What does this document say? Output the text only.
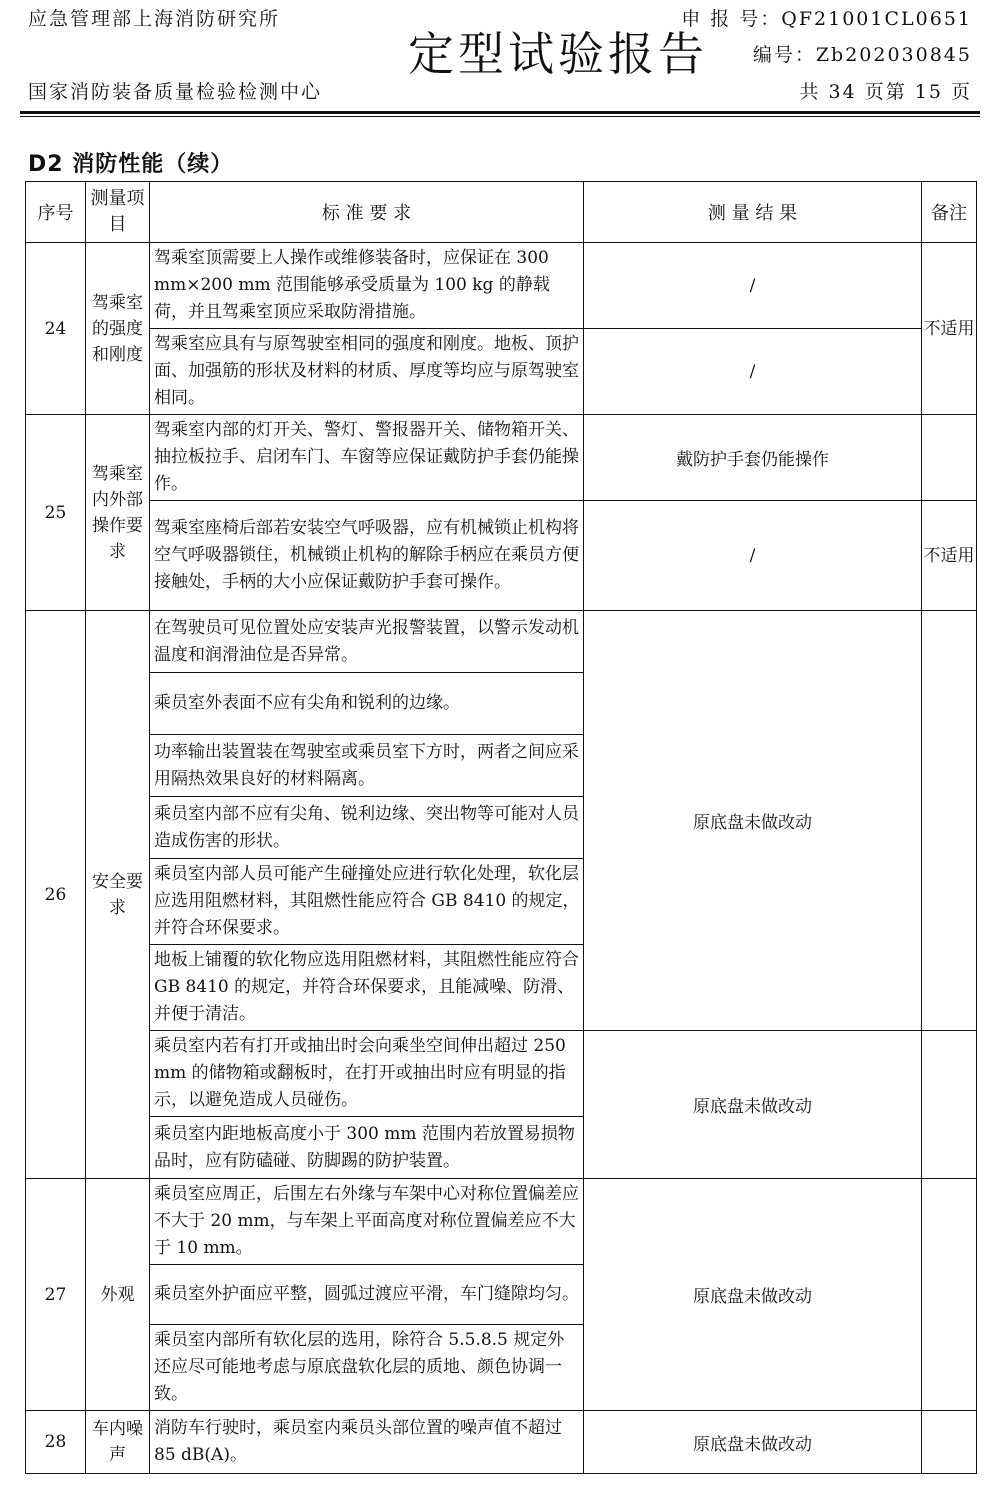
应急管理部上海消防研究所
国家消防装备质量检验检测中心
定型试验报告
申 报 号：QF21001CL0651
编号：Zb202030845
共 34 页第 15 页
D2 消防性能（续）
序号	测量项目	标 准 要 求	测 量 结 果	备注
24	驾乘室的强度和刚度	驾乘室顶需要上人操作或维修装备时，应保证在 300 mm×200 mm 范围能够承受质量为 100 kg 的静载荷，并且驾乘室顶应采取防滑措施。	/	不适用
		驾乘室应具有与原驾驶室相同的强度和刚度。地板、顶护面、加强筋的形状及材料的材质、厚度等均应与原驾驶室相同。	/	
25	驾乘室内外部操作要求	驾乘室内部的灯开关、警灯、警报器开关、储物箱开关、抽拉板拉手、启闭车门、车窗等应保证戴防护手套仍能操作。	戴防护手套仍能操作	
		驾乘室座椅后部若安装空气呼吸器，应有机械锁止机构将空气呼吸器锁住，机械锁止机构的解除手柄应在乘员方便接触处，手柄的大小应保证戴防护手套可操作。	/	不适用
26	安全要求	在驾驶员可见位置处应安装声光报警装置，以警示发动机温度和润滑油位是否异常。	原底盘未做改动	
		乘员室外表面不应有尖角和锐利的边缘。		
		功率输出装置装在驾驶室或乘员室下方时，两者之间应采用隔热效果良好的材料隔离。		
		乘员室内部不应有尖角、锐利边缘、突出物等可能对人员造成伤害的形状。		
		乘员室内部人员可能产生碰撞处应进行软化处理，软化层应选用阻燃材料，其阻燃性能应符合 GB 8410 的规定，并符合环保要求。		
		地板上铺覆的软化物应选用阻燃材料，其阻燃性能应符合 GB 8410 的规定，并符合环保要求，且能减噪、防滑、并便于清洁。		
		乘员室内若有打开或抽出时会向乘坐空间伸出超过 250 mm 的储物箱或翻板时，在打开或抽出时应有明显的指示，以避免造成人员碰伤。	原底盘未做改动	
		乘员室内距地板高度小于 300 mm 范围内若放置易损物品时，应有防磕碰、防脚踢的防护装置。		
27	外观	乘员室应周正，后围左右外缘与车架中心对称位置偏差应不大于 20 mm，与车架上平面高度对称位置偏差应不大于 10 mm。	原底盘未做改动	
		乘员室外护面应平整，圆弧过渡应平滑，车门缝隙均匀。		
		乘员室内部所有软化层的选用，除符合 5.5.8.5 规定外还应尽可能地考虑与原底盘软化层的质地、颜色协调一致。		
28	车内噪声	消防车行驶时，乘员室内乘员头部位置的噪声值不超过 85 dB(A)。	原底盘未做改动	
